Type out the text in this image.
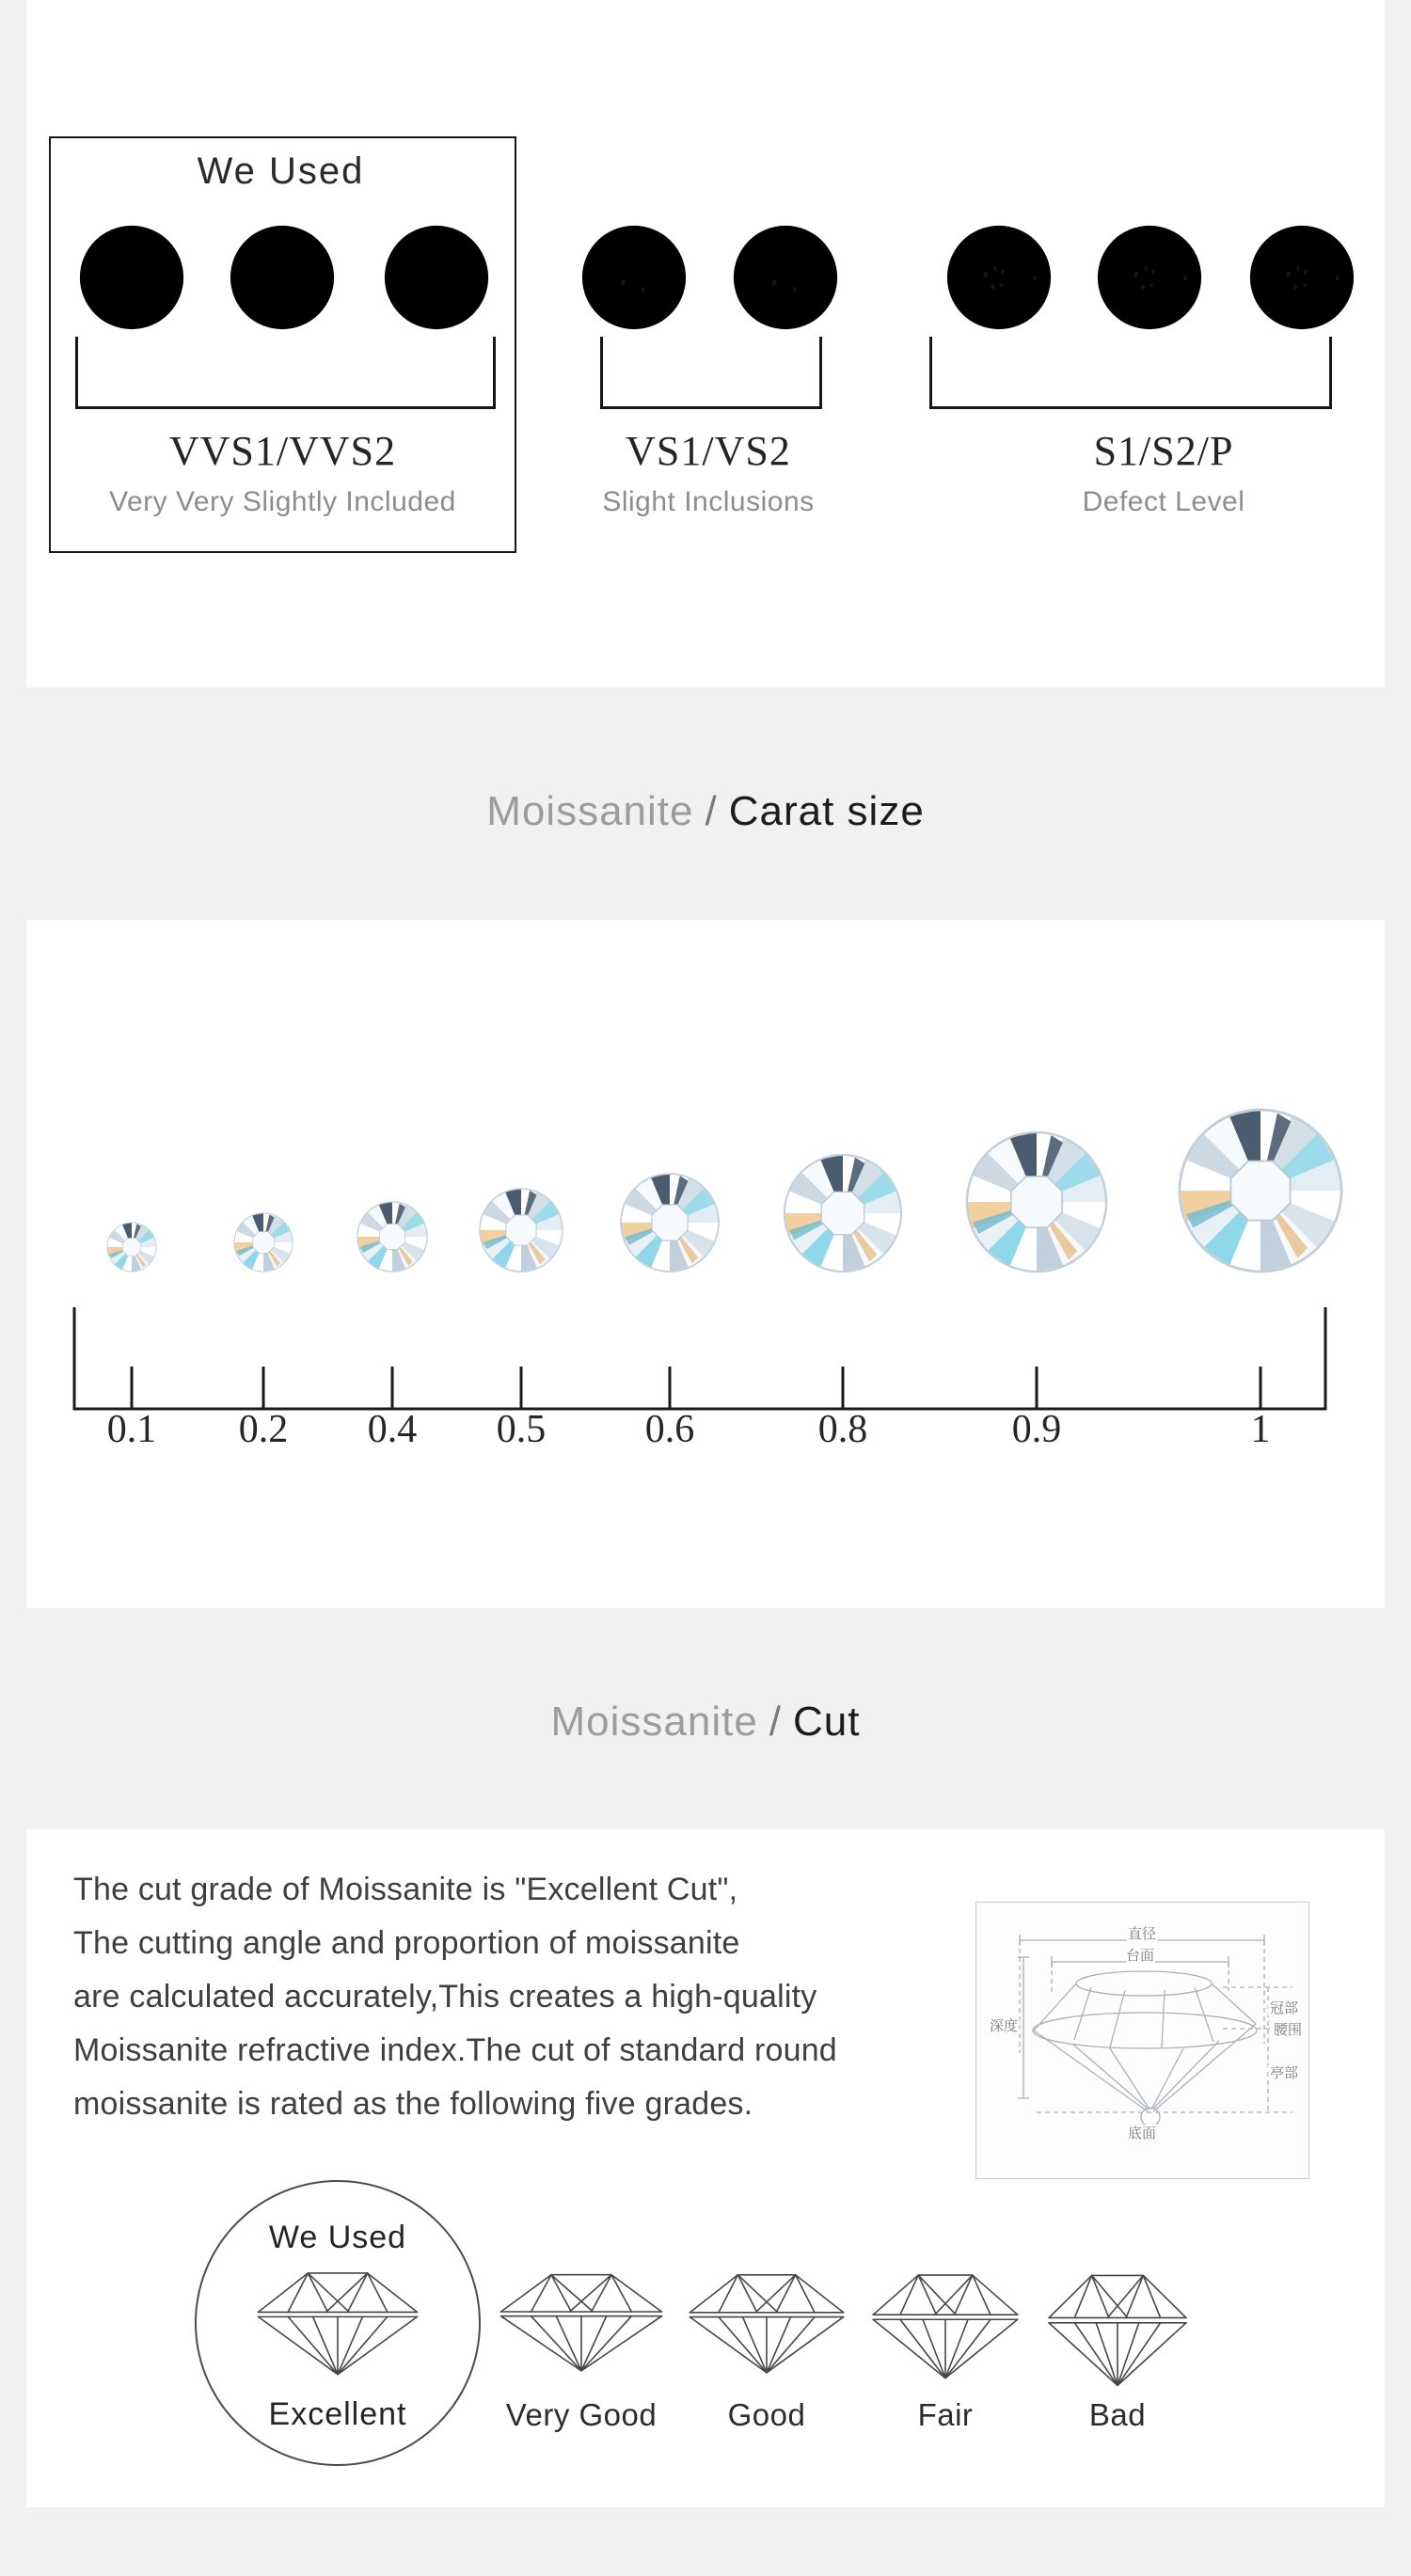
We Used
VVS1/VVS2
Very Very Slightly Included
VS1/VS2
Slight Inclusions
S1/S2/P
Defect Level
Moissanite / Carat size
0.1 0.2 0.4 0.5	0.6	0.8	0.9	1
Moissanite / Cut
The cut grade of Moissanite is "Excellent Cut",
The cutting angle and proportion of moissanite
are calculated accurately,This creates a high-quality
Moissanite refractive index.The cut of standard round
moissanite is rated as the following five grades.
直径
台面
深度
冠部
腰围
亭部
底面
We Used
Excellent	Very Good	Good	Fair	Bad
